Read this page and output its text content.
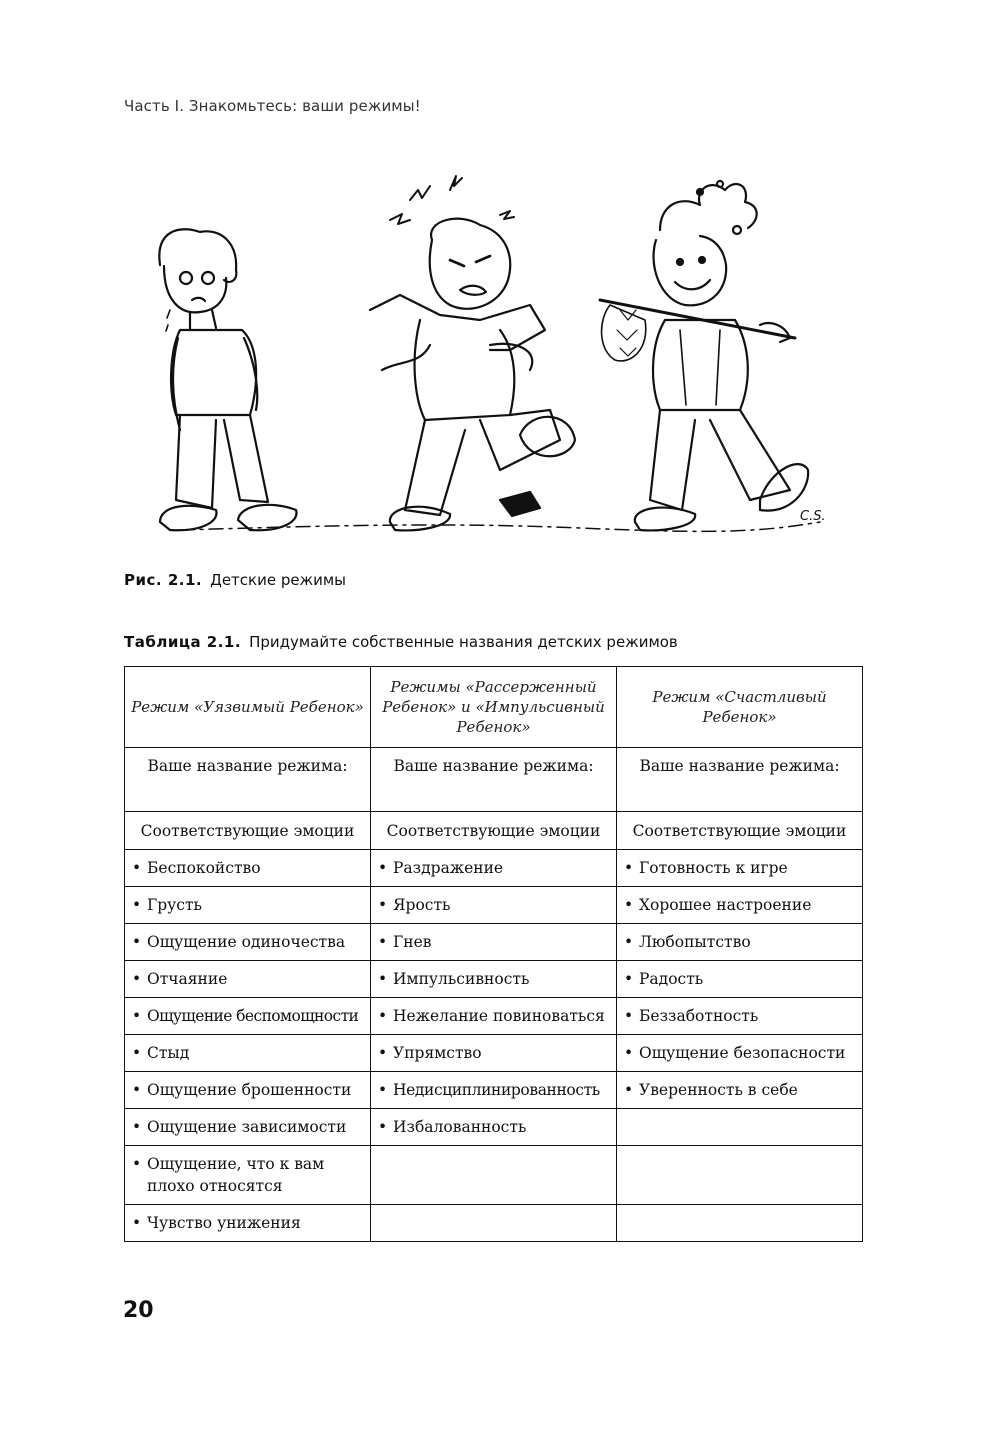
Часть I. Знакомьтесь: ваши режимы!
C.S.
Рис. 2.1. Детские режимы
Таблица 2.1. Придумайте собственные названия детских режимов
Режим «Уязвимый Ребенок»	Режимы «Рассерженный Ребенок» и «Импульсивный Ребенок»	Режим «Счастливый Ребенок»
Ваше название режима:	Ваше название режима:	Ваше название режима:
Соответствующие эмоции	Соответствующие эмоции	Соответствующие эмоции

• Беспокойство	• Раздражение	• Готовность к игре

• Грусть	• Ярость	• Хорошее настроение

• Ощущение одиночества	• Гнев	• Любопытство

• Отчаяние	• Импульсивность	• Радость

• Ощущение беспомощности	• Нежелание повиноваться	• Беззаботность

• Стыд	• Упрямство	• Ощущение безопасности

• Ощущение брошенности	• Недисциплинированность	• Уверенность в себе

• Ощущение зависимости	• Избалованность	

• Ощущение, что к вам плохо относятся		

• Чувство унижения		

20
